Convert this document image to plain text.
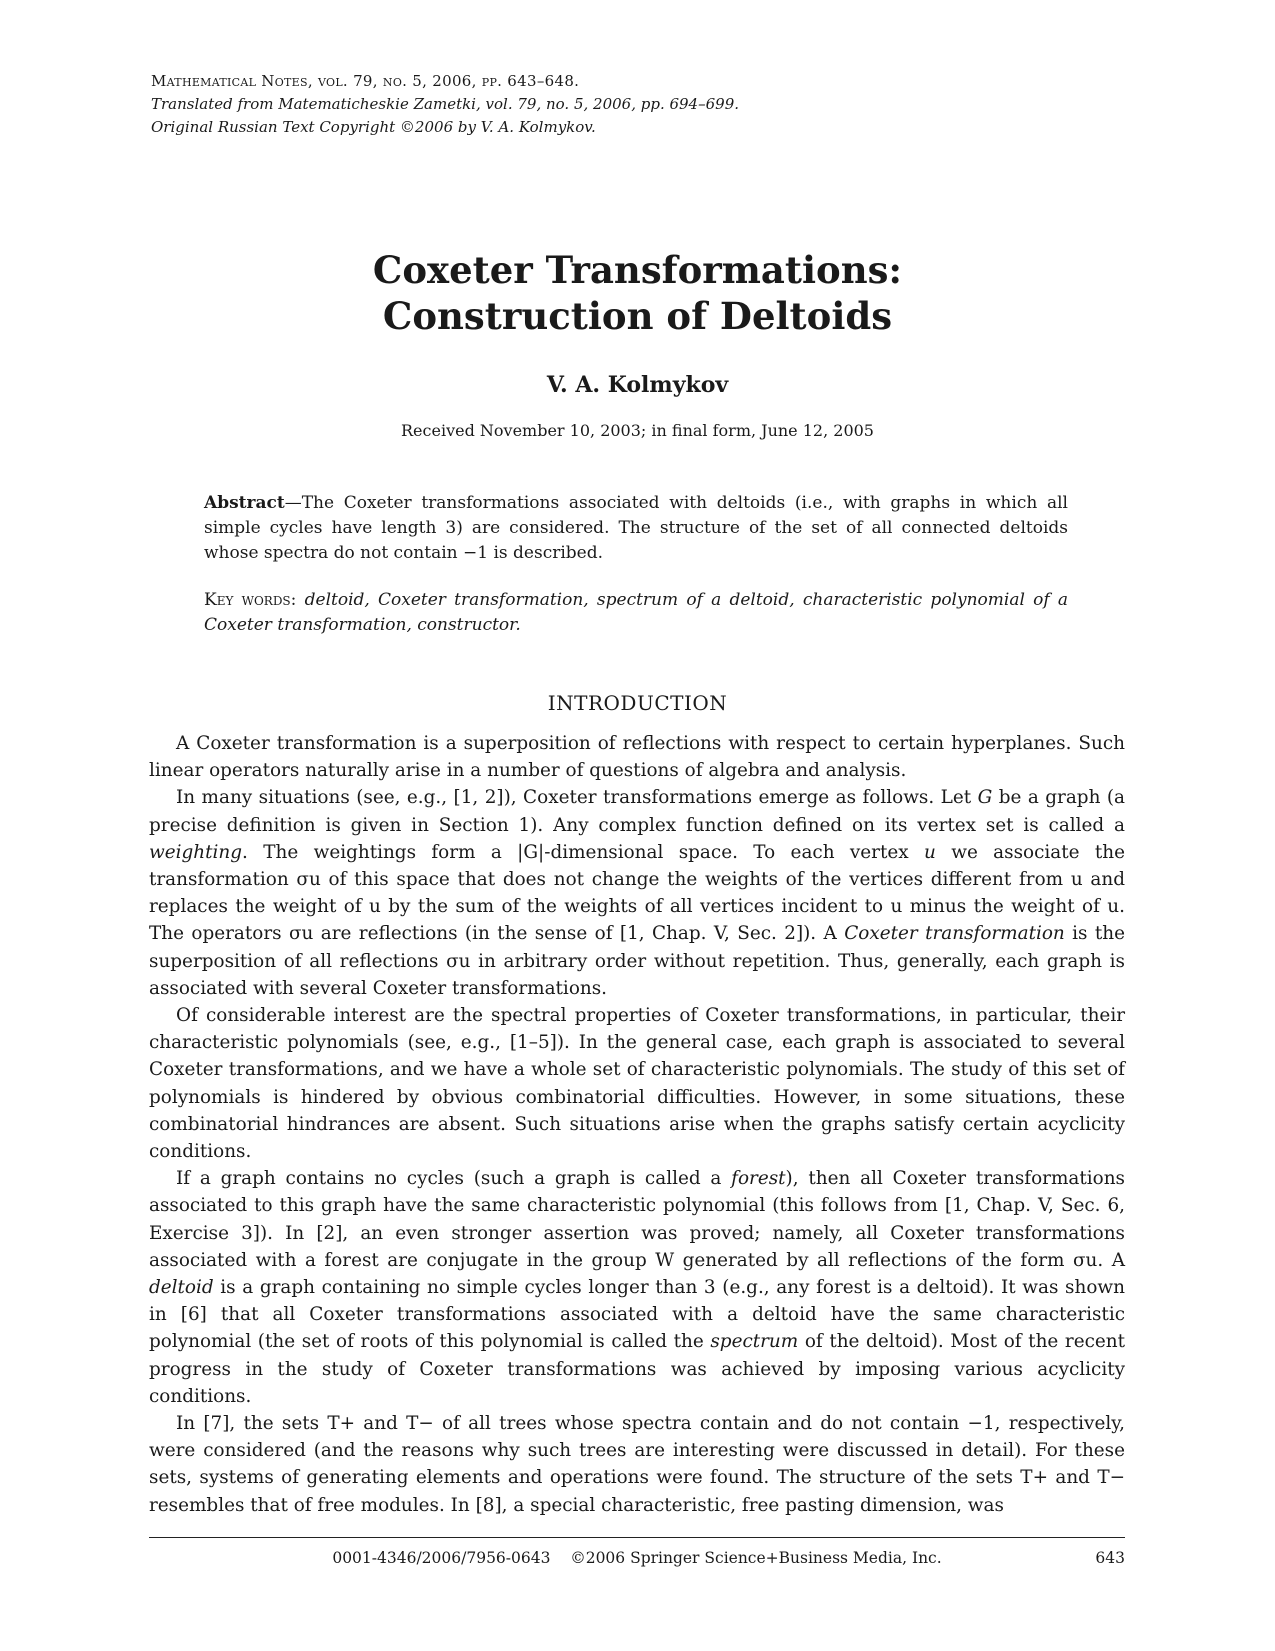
Mathematical Notes, vol. 79, no. 5, 2006, pp. 643–648.
Translated from Matematicheskie Zametki, vol. 79, no. 5, 2006, pp. 694–699.
Original Russian Text Copyright ©2006 by V. A. Kolmykov.
Coxeter Transformations:
Construction of Deltoids
V. A. Kolmykov
Received November 10, 2003; in final form, June 12, 2005
Abstract—The Coxeter transformations associated with deltoids (i.e., with graphs in which all simple cycles have length 3) are considered. The structure of the set of all connected deltoids whose spectra do not contain −1 is described.
Key words: deltoid, Coxeter transformation, spectrum of a deltoid, characteristic polynomial of a Coxeter transformation, constructor.
INTRODUCTION

A Coxeter transformation is a superposition of reflections with respect to certain hyperplanes. Such linear operators naturally arise in a number of questions of algebra and analysis.

In many situations (see, e.g., [1, 2]), Coxeter transformations emerge as follows. Let G be a graph (a precise definition is given in Section 1). Any complex function defined on its vertex set is called a weighting. The weightings form a |G|-dimensional space. To each vertex u we associate the transformation σu of this space that does not change the weights of the vertices different from u and replaces the weight of u by the sum of the weights of all vertices incident to u minus the weight of u. The operators σu are reflections (in the sense of [1, Chap. V, Sec. 2]). A Coxeter transformation is the superposition of all reflections σu in arbitrary order without repetition. Thus, generally, each graph is associated with several Coxeter transformations.

Of considerable interest are the spectral properties of Coxeter transformations, in particular, their characteristic polynomials (see, e.g., [1–5]). In the general case, each graph is associated to several Coxeter transformations, and we have a whole set of characteristic polynomials. The study of this set of polynomials is hindered by obvious combinatorial difficulties. However, in some situations, these combinatorial hindrances are absent. Such situations arise when the graphs satisfy certain acyclicity conditions.

If a graph contains no cycles (such a graph is called a forest), then all Coxeter transformations associated to this graph have the same characteristic polynomial (this follows from [1, Chap. V, Sec. 6, Exercise 3]). In [2], an even stronger assertion was proved; namely, all Coxeter transformations associated with a forest are conjugate in the group W generated by all reflections of the form σu. A deltoid is a graph containing no simple cycles longer than 3 (e.g., any forest is a deltoid). It was shown in [6] that all Coxeter transformations associated with a deltoid have the same characteristic polynomial (the set of roots of this polynomial is called the spectrum of the deltoid). Most of the recent progress in the study of Coxeter transformations was achieved by imposing various acyclicity conditions.

In [7], the sets T+ and T− of all trees whose spectra contain and do not contain −1, respectively, were considered (and the reasons why such trees are interesting were discussed in detail). For these sets, systems of generating elements and operations were found. The structure of the sets T+ and T− resembles that of free modules. In [8], a special characteristic, free pasting dimension, was

0001-4346/2006/7956-0643 ©2006 Springer Science+Business Media, Inc.	643
